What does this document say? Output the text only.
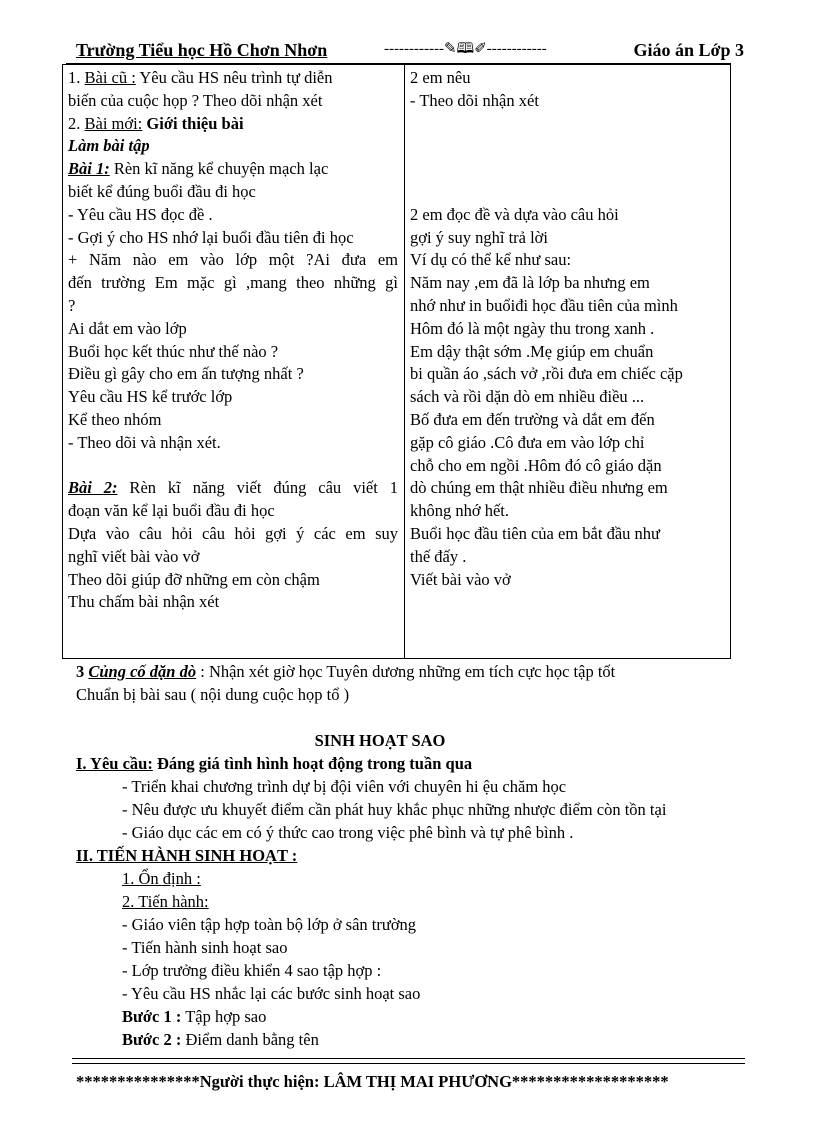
Trường Tiểu học Hồ Chơn Nhơn	------------✎🕮✐------------	Giáo án Lớp 3
1. Bài cũ : Yêu cầu HS nêu trình tự diễn
biến của cuộc họp ? Theo dõi nhận xét
2. Bài mới: Giới thiệu bài
Làm bài tập
Bài 1: Rèn kĩ năng kể chuyện mạch lạc
biết kể đúng buổi đầu đi học
- Yêu cầu HS đọc đề .
- Gợi ý cho HS nhớ lại buổi đầu tiên đi học
+ Năm nào em vào lớp một ?Ai đưa em
đến trường Em mặc gì ,mang theo những gì
?
Ai dắt em vào lớp
Buổi học kết thúc như thế nào ?
Điều gì gây cho em ấn tượng nhất ?
Yêu cầu HS kể trước lớp
Kể theo nhóm
- Theo dõi và nhận xét.
Bài 2: Rèn kĩ năng viết đúng câu viết 1
đoạn văn kể lại buổi đầu đi học
Dựa vào câu hỏi câu hỏi gợi ý các em suy
nghĩ viết bài vào vở
Theo dõi giúp đỡ những em còn chậm
Thu chấm bài nhận xét
2 em nêu
- Theo dõi nhận xét
2 em đọc đề và dựa vào câu hỏi
gợi ý suy nghĩ trả lời
Ví dụ có thể kể như sau:
Năm nay ,em đã là lớp ba nhưng em
nhớ như in buổiđi học đầu tiên của mình
Hôm đó là một ngày thu trong xanh .
Em dậy thật sớm .Mẹ giúp em chuẩn
bi quần áo ,sách vở ,rồi đưa em chiếc cặp
sách và rồi dặn dò em nhiều điều ...
Bố đưa em đến trường và dắt em đến
gặp cô giáo .Cô đưa em vào lớp chỉ
chỗ cho em ngồi .Hôm đó cô giáo dặn
dò chúng em thật nhiều điều nhưng em
không nhớ hết.
Buổi học đầu tiên của em bắt đầu như
thế đấy .
Viết bài vào vở
3 Củng cố dặn dò : Nhận xét giờ học Tuyên dương những em tích cực học tập tốt
Chuẩn bị bài sau ( nội dung cuộc họp tổ )
SINH HOẠT SAO
I. Yêu cầu: Đáng giá tình hình hoạt động trong tuần qua
- Triển khai chương trình dự bị đội viên với chuyên hi ệu chăm học
- Nêu được ưu khuyết điểm cần phát huy khắc phục những nhược điểm còn tồn tại
- Giáo dục các em có ý thức cao trong việc phê bình và tự phê bình .
II. TIẾN HÀNH SINH HOẠT :
1. Ổn định :
2. Tiến hành:
- Giáo viên tập hợp toàn bộ lớp ở sân trường
- Tiến hành sinh hoạt sao
- Lớp trưởng điều khiển 4 sao tập hợp :
- Yêu cầu HS nhắc lại các bước sinh hoạt sao
Bước 1 : Tập hợp sao
Bước 2 : Điểm danh bằng tên
***************Người thực hiện: LÂM THỊ MAI PHƯƠNG*******************
